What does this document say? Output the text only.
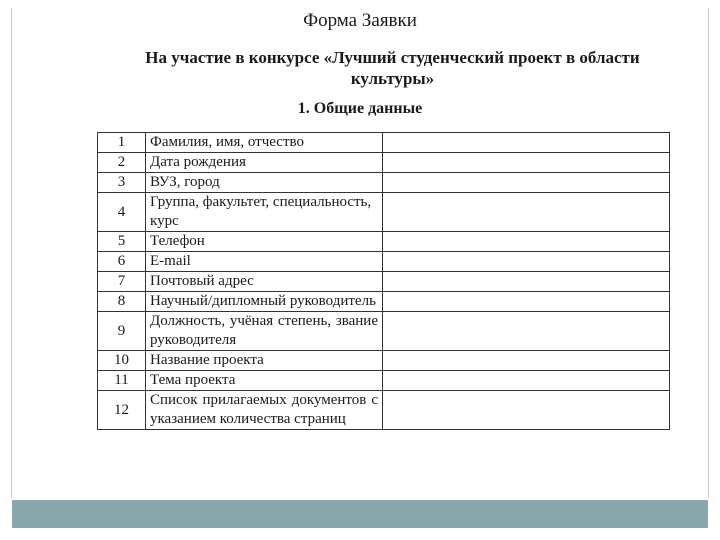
Форма Заявки
На участие в конкурсе «Лучший студенческий проект в области культуры»
1. Общие данные
1	Фамилия, имя, отчество	
2	Дата рождения	
3	ВУЗ, город	
4	Группа, факультет, специальность, курс	
5	Телефон	
6	E-mail	
7	Почтовый адрес	
8	Научный/дипломный руководитель	
9	Должность, учёная степень, звание руководителя	
10	Название проекта	
11	Тема проекта	
12	Список прилагаемых документов с указанием количества страниц	
